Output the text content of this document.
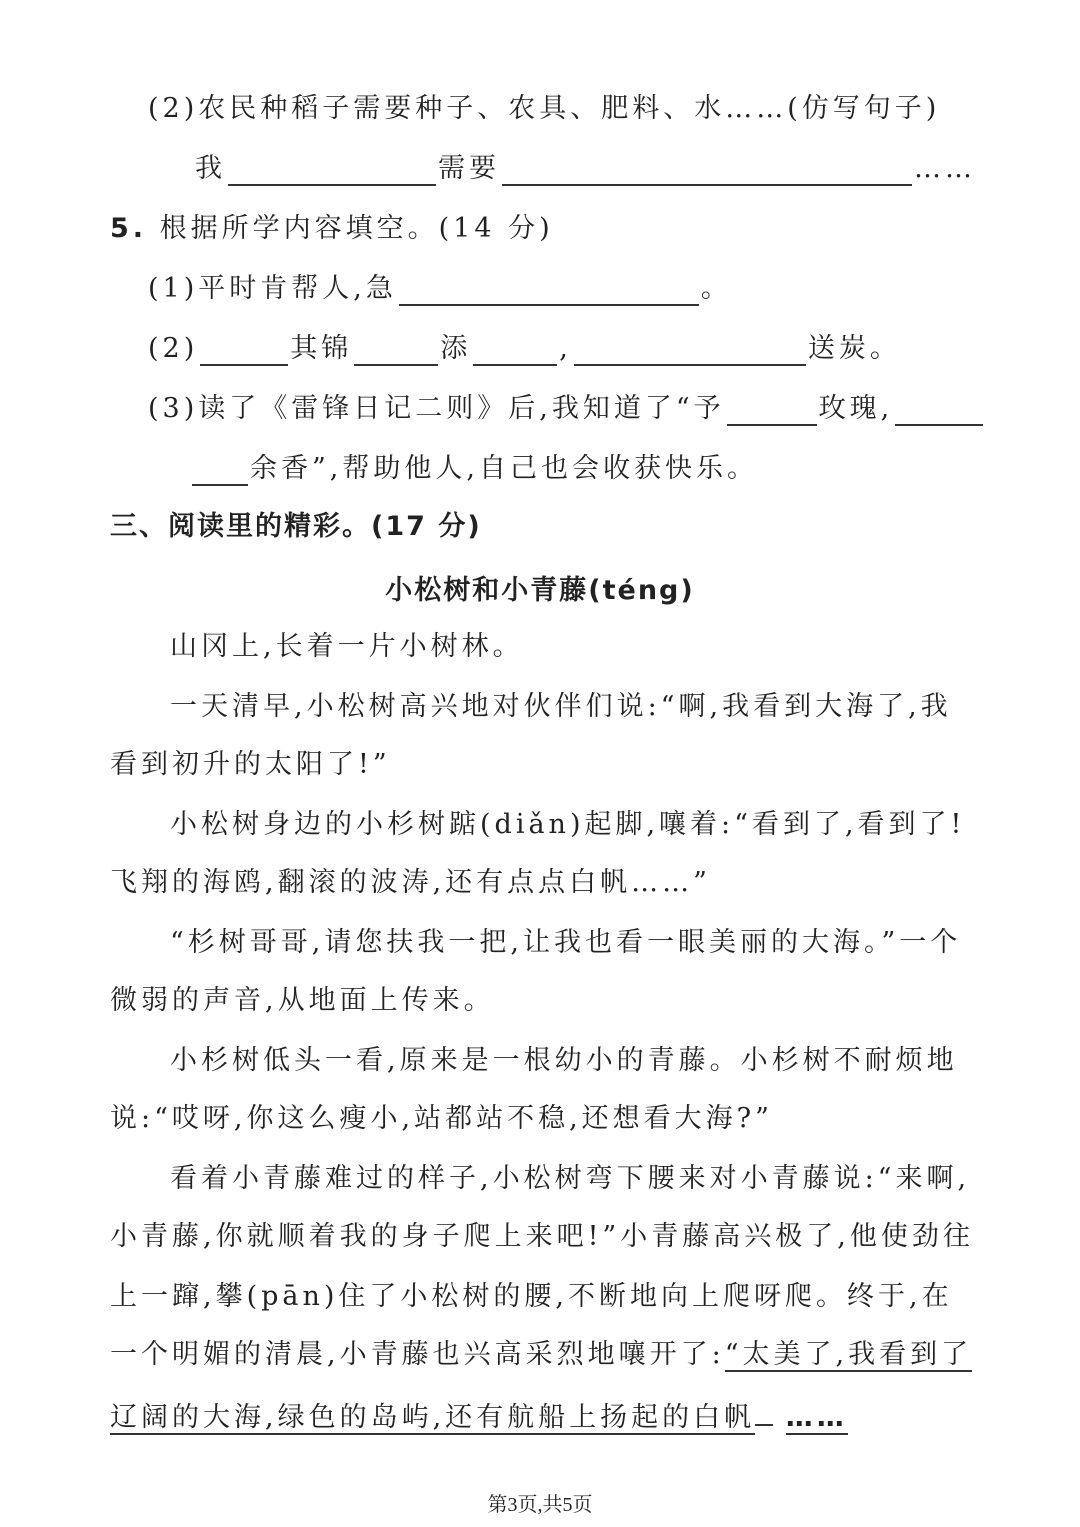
(2)农民种稻子需要种子、农具、肥料、水……(仿写句子)
我	需要	……
5. 根据所学内容填空。(14 分)
(1)平时肯帮人,急	。
(2)	其锦	添	,	送炭。
(3)读了《雷锋日记二则》后,我知道了“予	玫瑰,
余香”,帮助他人,自己也会收获快乐。
三、阅读里的精彩。(17 分)
小松树和小青藤(téng)
山冈上,长着一片小树林。
一天清早,小松树高兴地对伙伴们说:“啊,我看到大海了,我
看到初升的太阳了!”
小松树身边的小杉树踮(diǎn)起脚,嚷着:“看到了,看到了!
飞翔的海鸥,翻滚的波涛,还有点点白帆……”
“杉树哥哥,请您扶我一把,让我也看一眼美丽的大海。”一个
微弱的声音,从地面上传来。
小杉树低头一看,原来是一根幼小的青藤。小杉树不耐烦地
说:“哎呀,你这么瘦小,站都站不稳,还想看大海?”
看着小青藤难过的样子,小松树弯下腰来对小青藤说:“来啊,
小青藤,你就顺着我的身子爬上来吧!”小青藤高兴极了,他使劲往
上一蹿,攀(pān)住了小松树的腰,不断地向上爬呀爬。终于,在
一个明媚的清晨,小青藤也兴高采烈地嚷开了:“太美了,我看到了
辽阔的大海,绿色的岛屿,还有航船上扬起的白帆 ……
第3页,共5页
